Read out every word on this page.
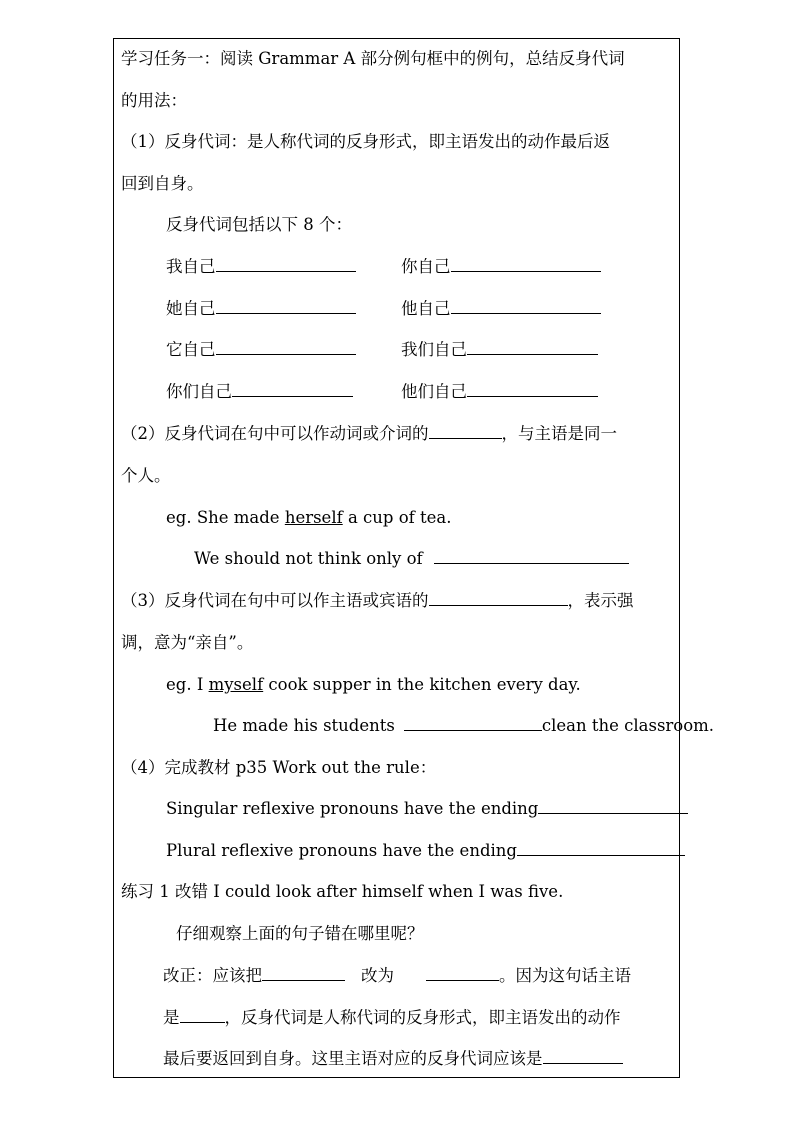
学习任务一：阅读 Grammar A 部分例句框中的例句，总结反身代词
的用法：
（1）反身代词：是人称代词的反身形式，即主语发出的动作最后返
回到自身。
反身代词包括以下 8 个：
我自己	你自己
她自己	他自己
它自己	我们自己
你们自己	他们自己
（2）反身代词在句中可以作动词或介词的	，与主语是同一
个人。
eg. She made herself a cup of tea.
We should not think only of
（3）反身代词在句中可以作主语或宾语的	，表示强
调，意为“亲自”。
eg. I myself cook supper in the kitchen every day.
He made his students	clean the classroom.
（4）完成教材 p35 Work out the rule：
Singular reflexive pronouns have the ending
Plural reflexive pronouns have the ending
练习 1 改错 I could look after himself when I was five.
仔细观察上面的句子错在哪里呢？
改正：应该把	改为	。因为这句话主语
是	，反身代词是人称代词的反身形式，即主语发出的动作
最后要返回到自身。这里主语对应的反身代词应该是
